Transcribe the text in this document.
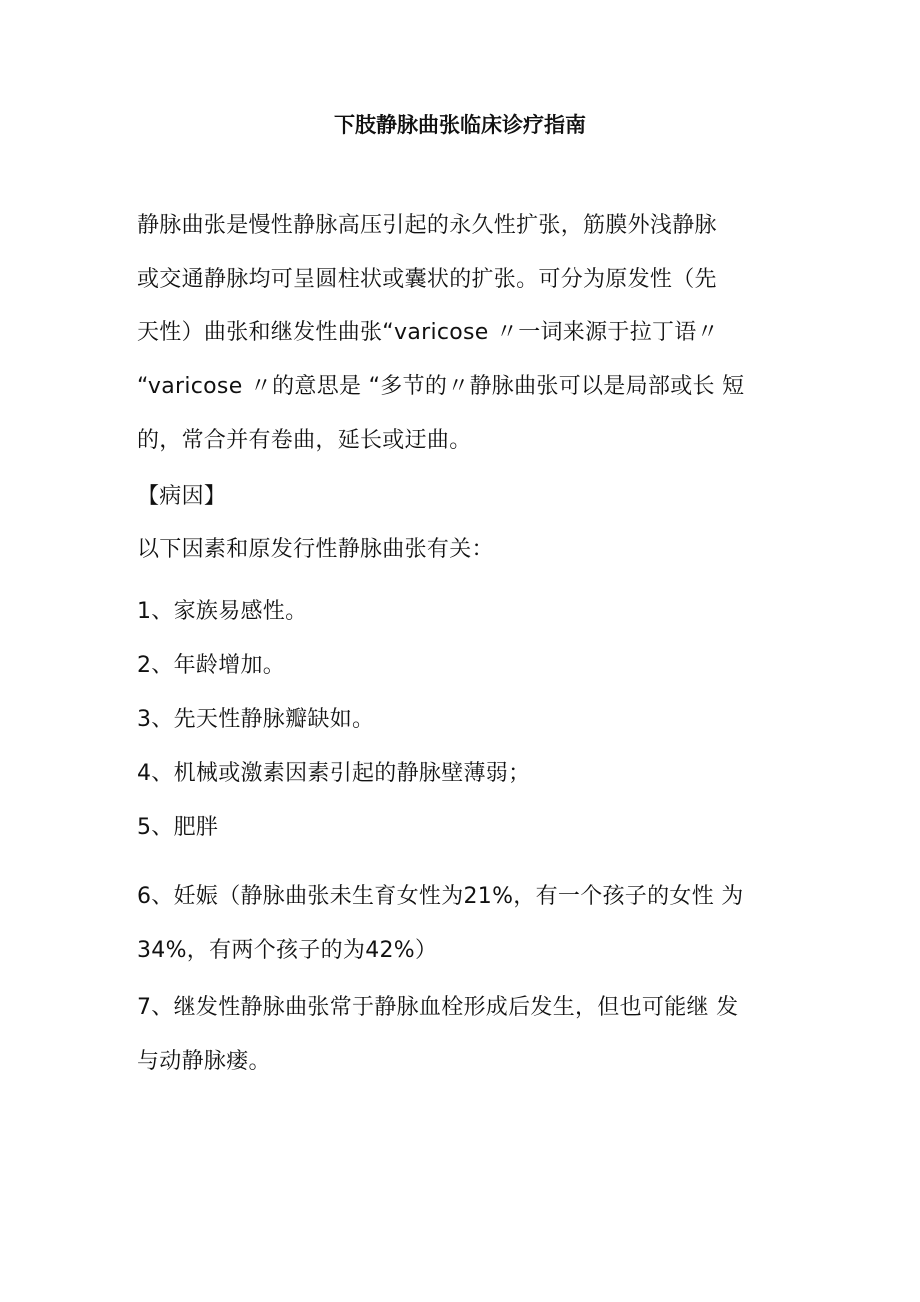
下肢静脉曲张临床诊疗指南
静脉曲张是慢性静脉高压引起的永久性扩张，筋膜外浅静脉
或交通静脉均可呈圆柱状或囊状的扩张。可分为原发性（先
天性）曲张和继发性曲张“varicose 〃一词来源于拉丁语〃
“varicose 〃的意思是 “多节的〃静脉曲张可以是局部或长 短
的，常合并有卷曲，延长或迂曲。
【病因】
以下因素和原发行性静脉曲张有关：
1、家族易感性。
2、年龄增加。
3、先天性静脉瓣缺如。
4、机械或激素因素引起的静脉壁薄弱；
5、肥胖
6、妊娠（静脉曲张未生育女性为21%，有一个孩子的女性 为
34%，有两个孩子的为42%）
7、继发性静脉曲张常于静脉血栓形成后发生，但也可能继 发
与动静脉瘘。
